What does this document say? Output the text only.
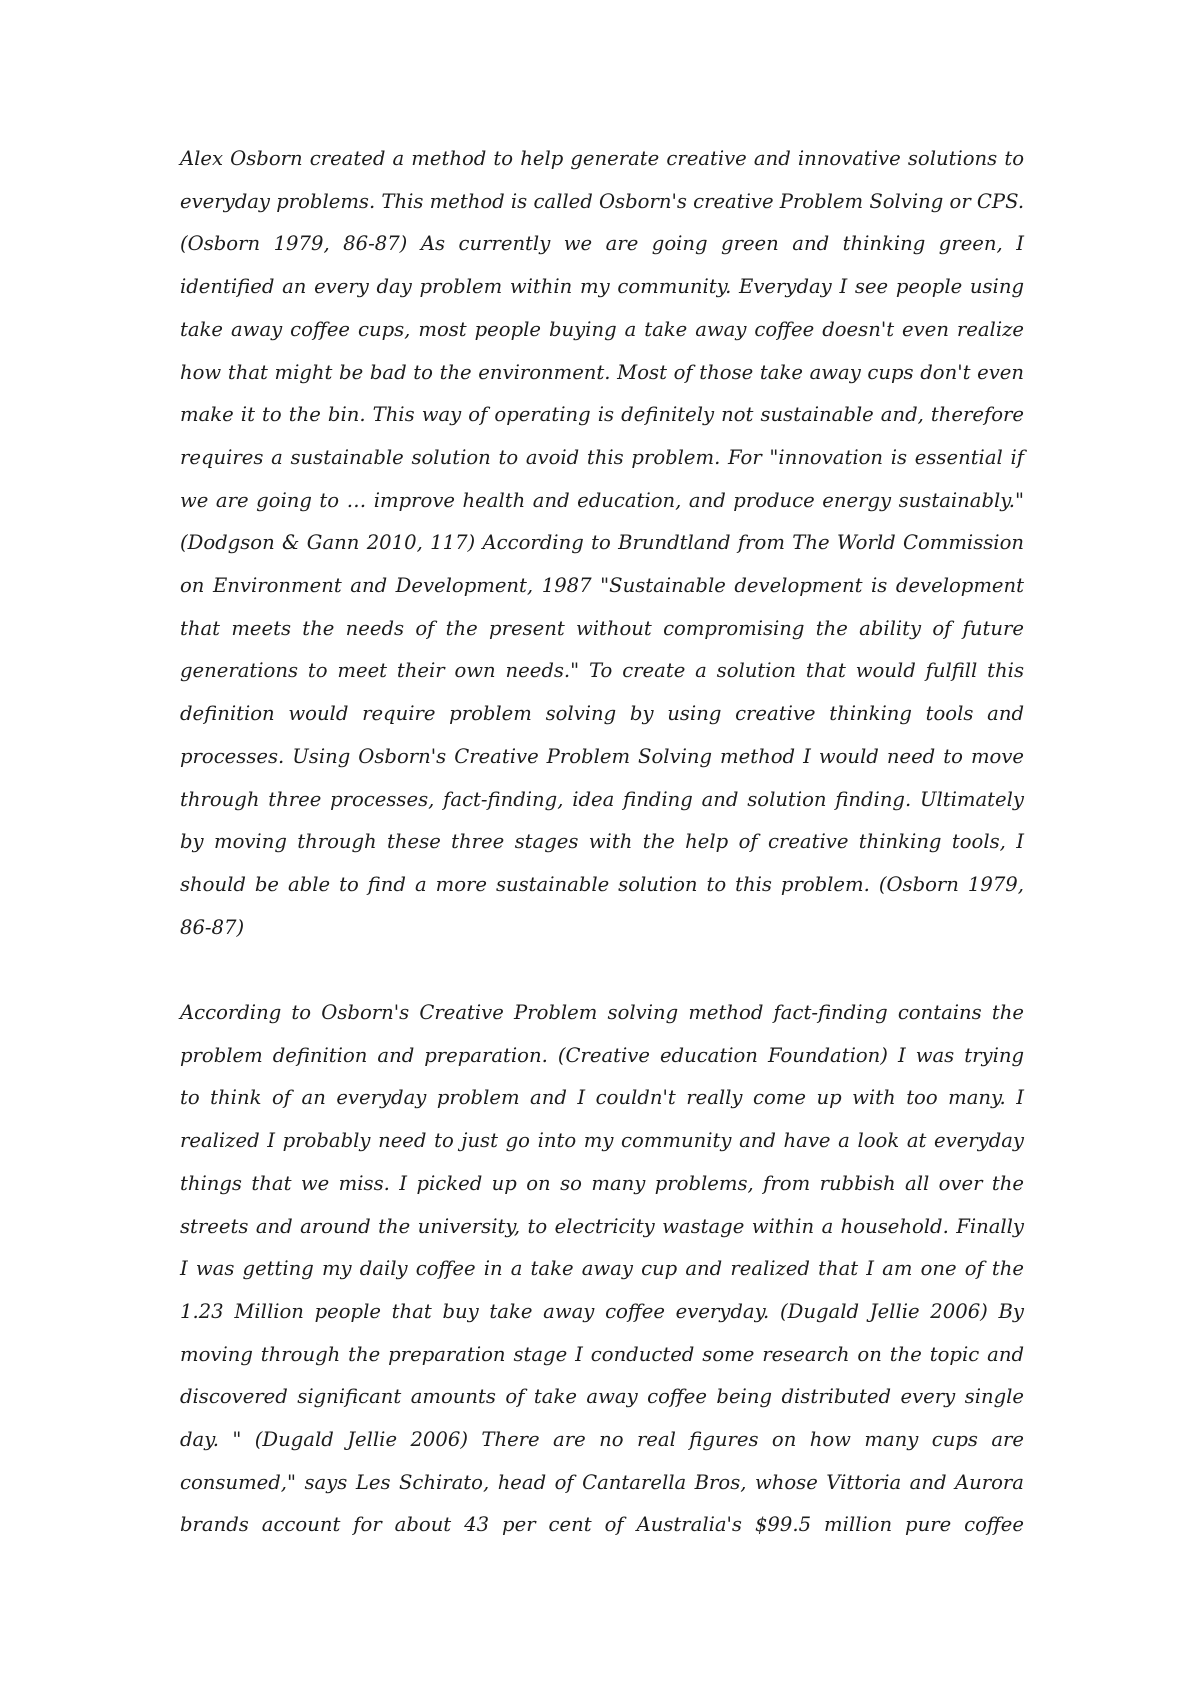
Alex Osborn created a method to help generate creative and innovative solutions to

everyday problems. This method is called Osborn's creative Problem Solving or CPS.

(Osborn 1979, 86-87) As currently we are going green and thinking green, I

identified an every day problem within my community. Everyday I see people using

take away coffee cups, most people buying a take away coffee doesn't even realize

how that might be bad to the environment. Most of those take away cups don't even

make it to the bin. This way of operating is definitely not sustainable and, therefore

requires a sustainable solution to avoid this problem. For "innovation is essential if

we are going to … improve health and education, and produce energy sustainably."

(Dodgson & Gann 2010, 117) According to Brundtland from The World Commission

on Environment and Development, 1987 "Sustainable development is development

that meets the needs of the present without compromising the ability of future

generations to meet their own needs." To create a solution that would fulfill this

definition would require problem solving by using creative thinking tools and

processes. Using Osborn's Creative Problem Solving method I would need to move

through three processes, fact-finding, idea finding and solution finding. Ultimately

by moving through these three stages with the help of creative thinking tools, I

should be able to find a more sustainable solution to this problem. (Osborn 1979,

86-87)

According to Osborn's Creative Problem solving method fact-finding contains the

problem definition and preparation. (Creative education Foundation) I was trying

to think of an everyday problem and I couldn't really come up with too many. I

realized I probably need to just go into my community and have a look at everyday

things that we miss. I picked up on so many problems, from rubbish all over the

streets and around the university, to electricity wastage within a household. Finally

I was getting my daily coffee in a take away cup and realized that I am one of the

1.23 Million people that buy take away coffee everyday. (Dugald Jellie 2006) By

moving through the preparation stage I conducted some research on the topic and

discovered significant amounts of take away coffee being distributed every single

day. " (Dugald Jellie 2006) There are no real figures on how many cups are

consumed," says Les Schirato, head of Cantarella Bros, whose Vittoria and Aurora

brands account for about 43 per cent of Australia's $99.5 million pure coffee
